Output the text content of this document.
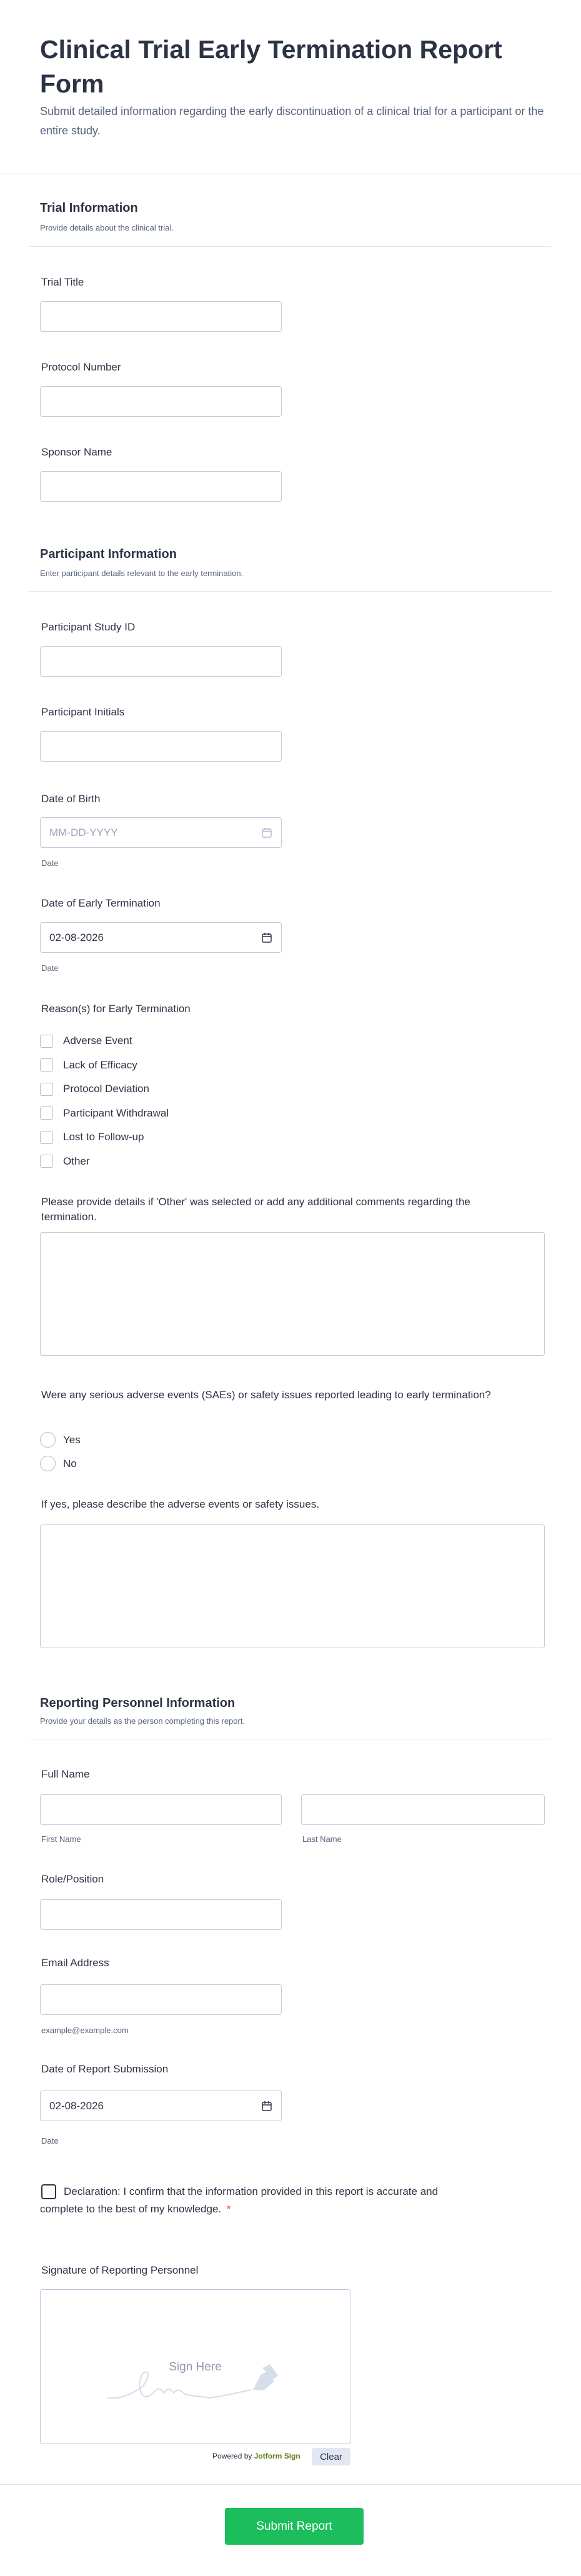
Clinical Trial Early Termination Report Form
Submit detailed information regarding the early discontinuation of a clinical trial for a participant or the entire study.
Trial Information
Provide details about the clinical trial.
Trial Title
Protocol Number
Sponsor Name
Participant Information
Enter participant details relevant to the early termination.
Participant Study ID
Participant Initials
Date of Birth
MM-DD-YYYY
Date
Date of Early Termination
02-08-2026
Date
Reason(s) for Early Termination
Adverse Event
Lack of Efficacy
Protocol Deviation
Participant Withdrawal
Lost to Follow-up
Other
Please provide details if 'Other' was selected or add any additional comments regarding the termination.
Were any serious adverse events (SAEs) or safety issues reported leading to early termination?
Yes
No
If yes, please describe the adverse events or safety issues.
Reporting Personnel Information
Provide your details as the person completing this report.
Full Name
First Name	Last Name
Role/Position
Email Address
example@example.com
Date of Report Submission
02-08-2026
Date
Declaration: I confirm that the information provided in this report is accurate and complete to the best of my knowledge. *
Signature of Reporting Personnel
Sign Here
Powered by Jotform Sign	Clear
Submit Report
